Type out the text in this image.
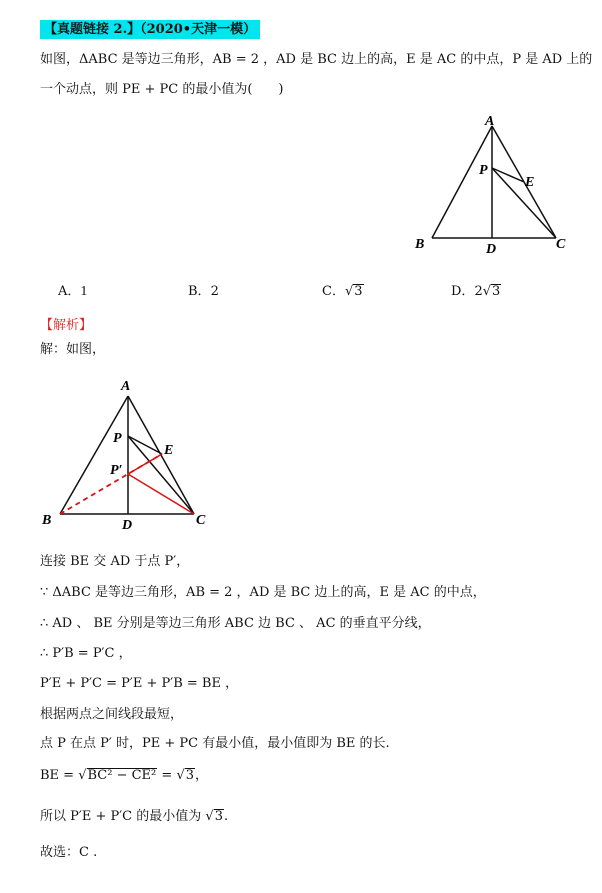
【真题链接 2.】（2020•天津一模）
如图，ΔABC 是等边三角形，AB = 2 ，AD 是 BC 边上的高，E 是 AC 的中点，P 是 AD 上的
一个动点，则 PE + PC 的最小值为(　　)
A
P
E
B	D	C
A．1	B．2	C．√3	D．2√3
【解析】
解：如图，
A
P
E
P′
B	D	C
连接 BE 交 AD 于点 P′，
∵ ΔABC 是等边三角形，AB = 2 ，AD 是 BC 边上的高，E 是 AC 的中点，
∴ AD 、 BE 分别是等边三角形 ABC 边 BC 、 AC 的垂直平分线，
∴ P′B = P′C ，
P′E + P′C = P′E + P′B = BE ，
根据两点之间线段最短，
点 P 在点 P′ 时，PE + PC 有最小值，最小值即为 BE 的长.
BE = √BC² − CE² = √3，
所以 P′E + P′C 的最小值为 √3.
故选：C .
